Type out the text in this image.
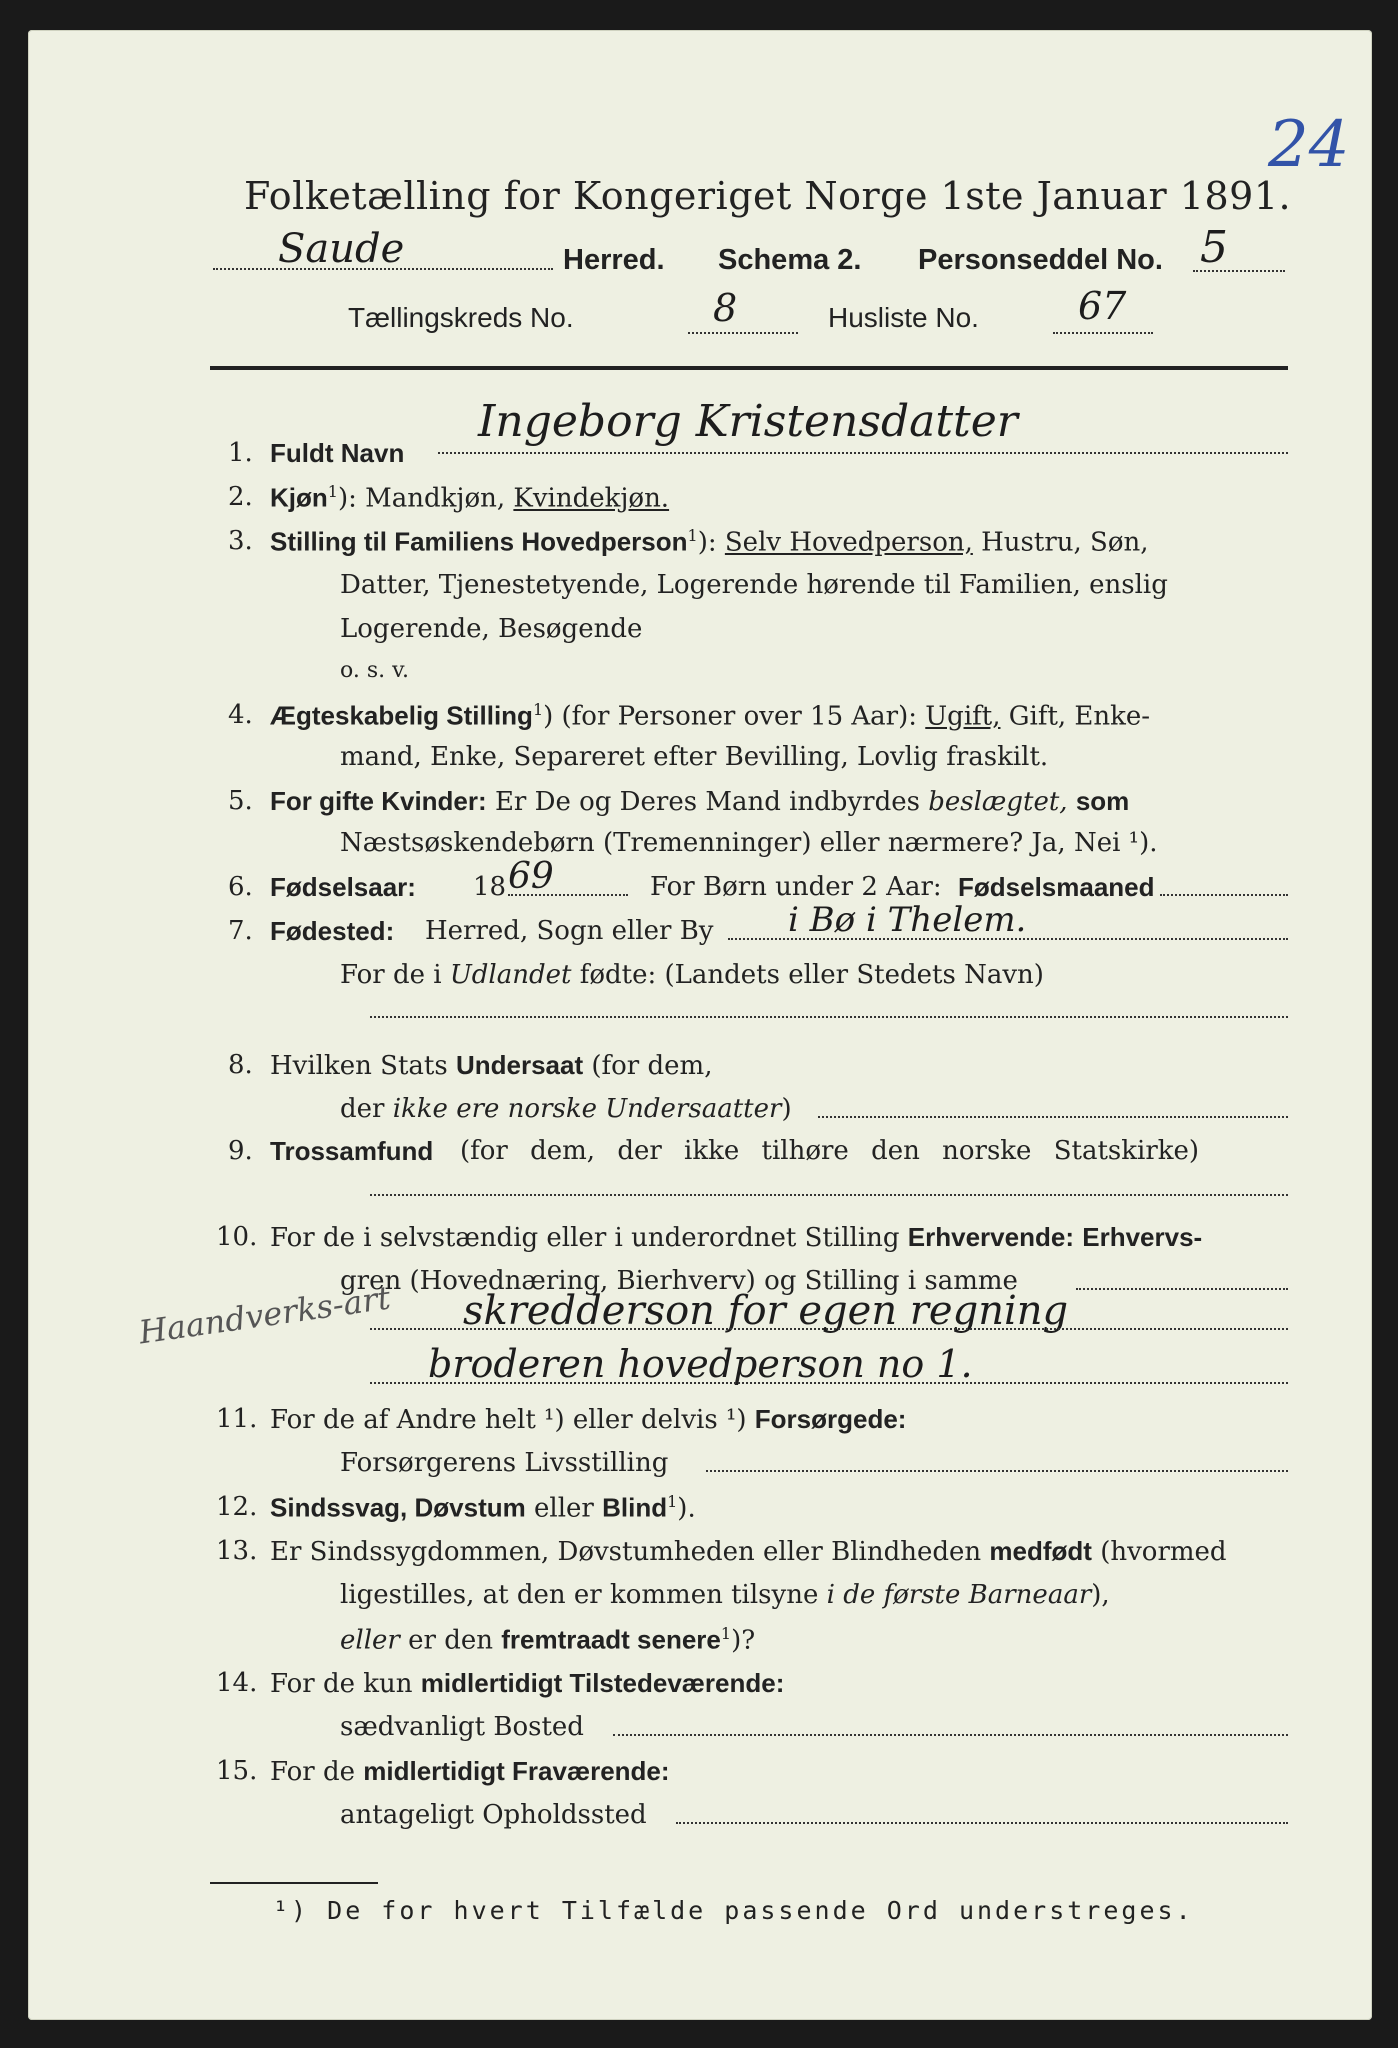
Folketælling for Kongeriget Norge 1ste Januar 1891.
24
Saude	Herred. Schema 2. Personseddel No. 5
Tællingskreds No.	8	Husliste No.	67
1. Fuldt Navn
Ingeborg Kristensdatter
2. Kjøn$^1$): Mandkjøn, Kvindekjøn.
3. Stilling til Familiens Hovedperson$^1$): Selv Hovedperson, Hustru, Søn,
Datter, Tjenestetyende, Logerende hørende til Familien, enslig
Logerende, Besøgende
o. s. v.
4. Ægteskabelig Stilling$^1$) (for Personer over 15 Aar): Ugift, Gift, Enke-
mand, Enke, Separeret efter Bevilling, Lovlig fraskilt.
5. For gifte Kvinder: Er De og Deres Mand indbyrdes beslægtet, som
Næstsøskendebørn (Tremenninger) eller nærmere? Ja, Nei ¹).
6. Fødselsaar: 18 69	For Børn under 2 Aar: Fødselsmaaned
7. Fødested: Herred, Sogn eller By i Bø i Thelem.
For de i Udlandet fødte: (Landets eller Stedets Navn)
8. Hvilken Stats Undersaat (for dem,
der ikke ere norske Undersaatter)
9. Trossamfund (for dem, der ikke tilhøre den norske Statskirke)
10. For de i selvstændig eller i underordnet Stilling Erhvervende: Erhvervs-
gren (Hovednæring, Bierhverv) og Stilling i samme
Haandverks-art skredderson for egen regning
broderen hovedperson no 1.
11. For de af Andre helt ¹) eller delvis ¹) Forsørgede:
Forsørgerens Livsstilling
12. Sindssvag, Døvstum eller Blind$^1$).
13. Er Sindssygdommen, Døvstumheden eller Blindheden medfødt (hvormed
ligestilles, at den er kommen tilsyne i de første Barneaar),
eller er den fremtraadt senere$^1$)?
14. For de kun midlertidigt Tilstedeværende:
sædvanligt Bosted
15. For de midlertidigt Fraværende:
antageligt Opholdssted
¹) De for hvert Tilfælde passende Ord understreges.
